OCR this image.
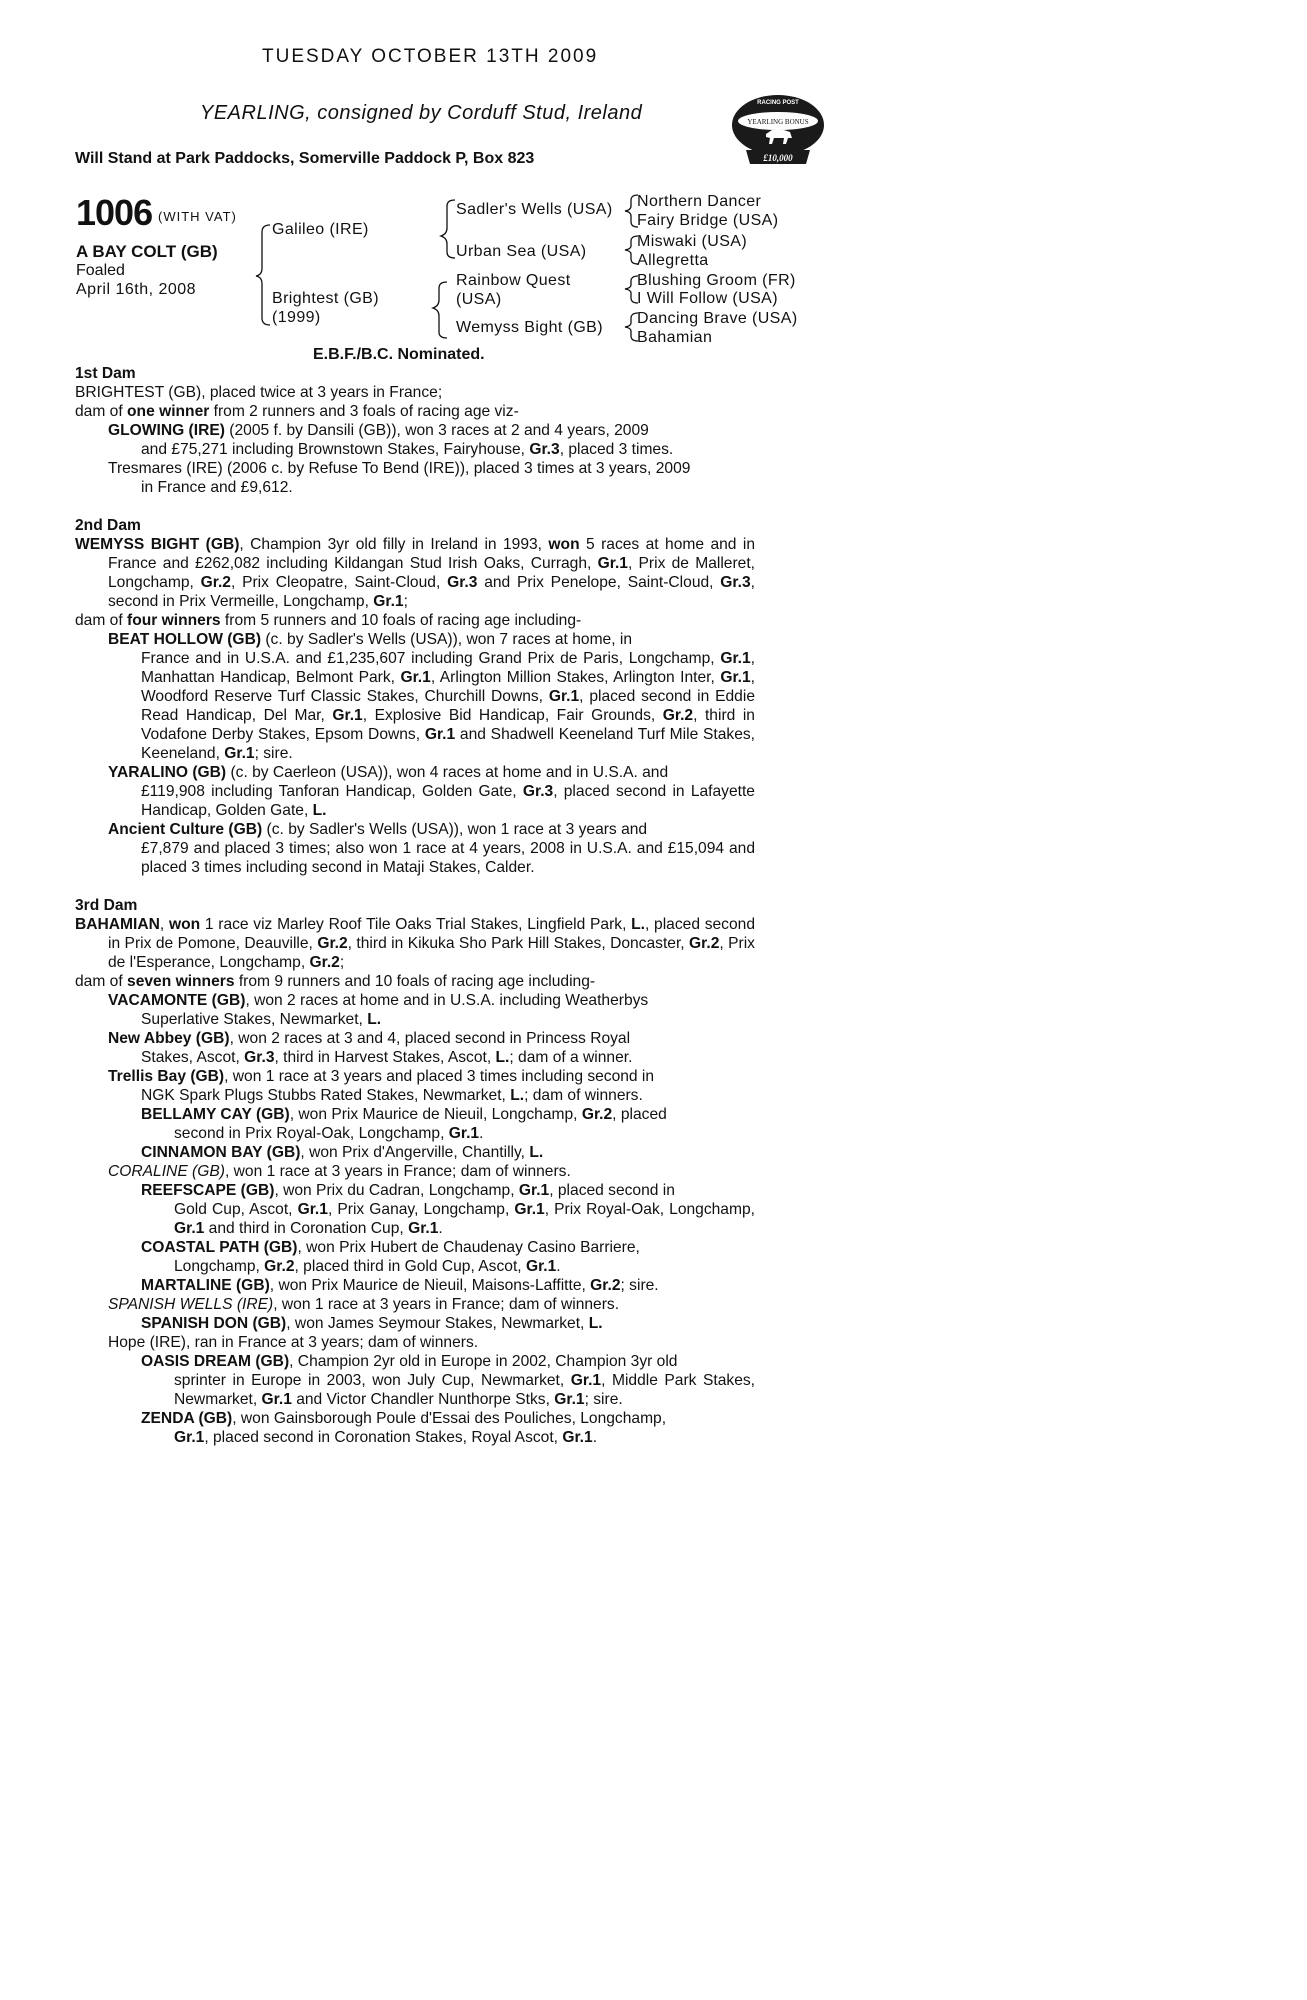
TUESDAY OCTOBER 13TH 2009
YEARLING, consigned by Corduff Stud, Ireland
Will Stand at Park Paddocks, Somerville Paddock P, Box 823
RACING POST
YEARLING BONUS
£10,000
1006 (WITH VAT)
A BAY COLT (GB)
Foaled
April 16th, 2008
Galileo (IRE)
Brightest (GB)
(1999)
Sadler's Wells (USA)
Urban Sea (USA)
Rainbow Quest
(USA)
Wemyss Bight (GB)
Northern Dancer
Fairy Bridge (USA)
Miswaki (USA)
Allegretta
Blushing Groom (FR)
I Will Follow (USA)
Dancing Brave (USA)
Bahamian
E.B.F./B.C. Nominated.
1st Dam
BRIGHTEST (GB), placed twice at 3 years in France;
dam of one winner from 2 runners and 3 foals of racing age viz-
GLOWING (IRE) (2005 f. by Dansili (GB)), won 3 races at 2 and 4 years, 2009
and £75,271 including Brownstown Stakes, Fairyhouse, Gr.3, placed 3 times.
Tresmares (IRE) (2006 c. by Refuse To Bend (IRE)), placed 3 times at 3 years, 2009
in France and £9,612.
2nd Dam
WEMYSS BIGHT (GB), Champion 3yr old filly in Ireland in 1993, won 5 races at home and in France and £262,082 including Kildangan Stud Irish Oaks, Curragh, Gr.1, Prix de Malleret, Longchamp, Gr.2, Prix Cleopatre, Saint-Cloud, Gr.3 and Prix Penelope, Saint-Cloud, Gr.3, second in Prix Vermeille, Longchamp, Gr.1;
dam of four winners from 5 runners and 10 foals of racing age including-
BEAT HOLLOW (GB) (c. by Sadler's Wells (USA)), won 7 races at home, in
France and in U.S.A. and £1,235,607 including Grand Prix de Paris, Longchamp, Gr.1, Manhattan Handicap, Belmont Park, Gr.1, Arlington Million Stakes, Arlington Inter, Gr.1, Woodford Reserve Turf Classic Stakes, Churchill Downs, Gr.1, placed second in Eddie Read Handicap, Del Mar, Gr.1, Explosive Bid Handicap, Fair Grounds, Gr.2, third in Vodafone Derby Stakes, Epsom Downs, Gr.1 and Shadwell Keeneland Turf Mile Stakes, Keeneland, Gr.1; sire.
YARALINO (GB) (c. by Caerleon (USA)), won 4 races at home and in U.S.A. and
£119,908 including Tanforan Handicap, Golden Gate, Gr.3, placed second in Lafayette Handicap, Golden Gate, L.
Ancient Culture (GB) (c. by Sadler's Wells (USA)), won 1 race at 3 years and
£7,879 and placed 3 times; also won 1 race at 4 years, 2008 in U.S.A. and £15,094 and placed 3 times including second in Mataji Stakes, Calder.
3rd Dam
BAHAMIAN, won 1 race viz Marley Roof Tile Oaks Trial Stakes, Lingfield Park, L., placed second in Prix de Pomone, Deauville, Gr.2, third in Kikuka Sho Park Hill Stakes, Doncaster, Gr.2, Prix de l'Esperance, Longchamp, Gr.2;
dam of seven winners from 9 runners and 10 foals of racing age including-
VACAMONTE (GB), won 2 races at home and in U.S.A. including Weatherbys
Superlative Stakes, Newmarket, L.
New Abbey (GB), won 2 races at 3 and 4, placed second in Princess Royal
Stakes, Ascot, Gr.3, third in Harvest Stakes, Ascot, L.; dam of a winner.
Trellis Bay (GB), won 1 race at 3 years and placed 3 times including second in
NGK Spark Plugs Stubbs Rated Stakes, Newmarket, L.; dam of winners.
BELLAMY CAY (GB), won Prix Maurice de Nieuil, Longchamp, Gr.2, placed
second in Prix Royal-Oak, Longchamp, Gr.1.
CINNAMON BAY (GB), won Prix d'Angerville, Chantilly, L.
CORALINE (GB), won 1 race at 3 years in France; dam of winners.
REEFSCAPE (GB), won Prix du Cadran, Longchamp, Gr.1, placed second in
Gold Cup, Ascot, Gr.1, Prix Ganay, Longchamp, Gr.1, Prix Royal-Oak, Longchamp, Gr.1 and third in Coronation Cup, Gr.1.
COASTAL PATH (GB), won Prix Hubert de Chaudenay Casino Barriere,
Longchamp, Gr.2, placed third in Gold Cup, Ascot, Gr.1.
MARTALINE (GB), won Prix Maurice de Nieuil, Maisons-Laffitte, Gr.2; sire.
SPANISH WELLS (IRE), won 1 race at 3 years in France; dam of winners.
SPANISH DON (GB), won James Seymour Stakes, Newmarket, L.
Hope (IRE), ran in France at 3 years; dam of winners.
OASIS DREAM (GB), Champion 2yr old in Europe in 2002, Champion 3yr old
sprinter in Europe in 2003, won July Cup, Newmarket, Gr.1, Middle Park Stakes, Newmarket, Gr.1 and Victor Chandler Nunthorpe Stks, Gr.1; sire.
ZENDA (GB), won Gainsborough Poule d'Essai des Pouliches, Longchamp,
Gr.1, placed second in Coronation Stakes, Royal Ascot, Gr.1.
